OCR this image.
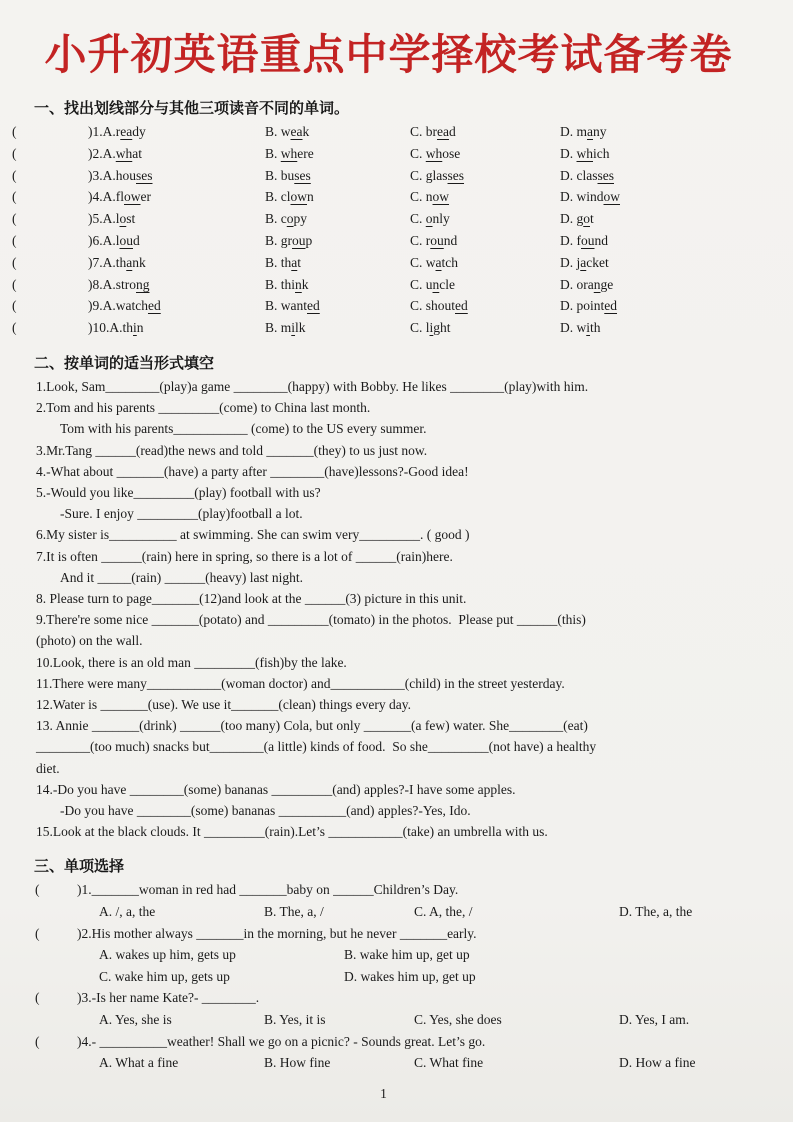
小升初英语重点中学择校考试备考卷
一、找出划线部分与其他三项读音不同的单词。
(	)1.A.ready	B. weak	C. bread	D. many
(	)2.A.what	B. where	C. whose	D. which
(	)3.A.houses	B. buses	C. glasses	D. classes
(	)4.A.flower	B. clown	C. now	D. window
(	)5.A.lost	B. copy	C. only	D. got
(	)6.A.loud	B. group	C. round	D. found
(	)7.A.thank	B. that	C. watch	D. jacket
(	)8.A.strong	B. think	C. uncle	D. orange
(	)9.A.watched	B. wanted	C. shouted	D. pointed
(	)10.A.thin	B. milk	C. light	D. with
二、按单词的适当形式填空
1.Look, Sam________(play)a game ________(happy) with Bobby. He likes ________(play)with him.
2.Tom and his parents _________(come) to China last month.
Tom with his parents___________ (come) to the US every summer.
3.Mr.Tang ______(read)the news and told _______(they) to us just now.
4.-What about _______(have) a party after ________(have)lessons?-Good idea!
5.-Would you like_________(play) football with us?
-Sure. I enjoy _________(play)football a lot.
6.My sister is__________ at swimming. She can swim very_________. ( good )
7.It is often ______(rain) here in spring, so there is a lot of ______(rain)here.
And it _____(rain) ______(heavy) last night.
8. Please turn to page_______(12)and look at the ______(3) picture in this unit.
9.There're some nice _______(potato) and _________(tomato) in the photos.  Please put ______(this)
(photo) on the wall.
10.Look, there is an old man _________(fish)by the lake.
11.There were many___________(woman doctor) and___________(child) in the street yesterday.
12.Water is _______(use). We use it_______(clean) things every day.
13. Annie _______(drink) ______(too many) Cola, but only _______(a few) water. She________(eat)
________(too much) snacks but________(a little) kinds of food.  So she_________(not have) a healthy
diet.
14.-Do you have ________(some) bananas _________(and) apples?-I have some apples.
-Do you have ________(some) bananas __________(and) apples?-Yes, Ido.
15.Look at the black clouds. It _________(rain).Let’s ___________(take) an umbrella with us.
三、单项选择
(	)1._______woman in red had _______baby on ______Children’s Day.
A. /, a, the	B. The, a, /	C. A, the, /	D. The, a, the
(	)2.His mother always _______in the morning, but he never _______early.
A. wakes up him, gets up	B. wake him up, get up
C. wake him up, gets up	D. wakes him up, get up
(	)3.-Is her name Kate?- ________.
A. Yes, she is	B. Yes, it is	C. Yes, she does	D. Yes, I am.
(	)4.- __________weather! Shall we go on a picnic? - Sounds great. Let’s go.
A. What a fine	B. How fine	C. What fine	D. How a fine
1
